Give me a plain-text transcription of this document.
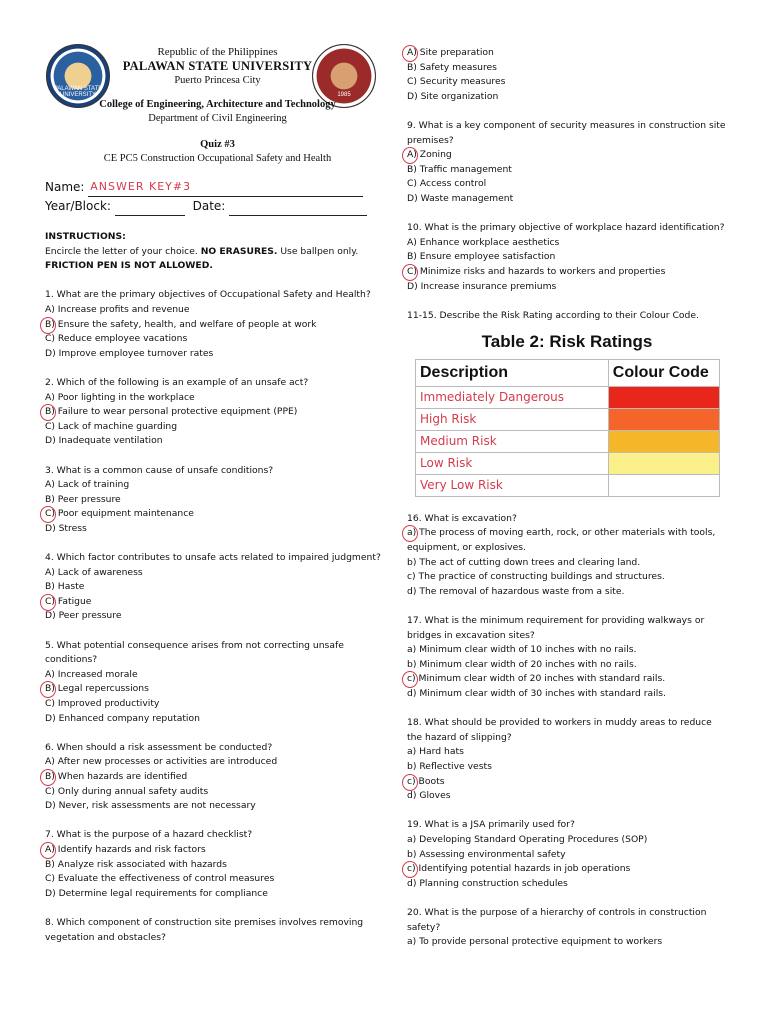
PALAWAN STATE UNIVERSITY	1985
Republic of the Philippines
PALAWAN STATE UNIVERSITY
Puerto Princesa City
College of Engineering, Architecture and Technology
Department of Civil Engineering
Quiz #3
CE PC5 Construction Occupational Safety and Health
Name: ANSWER KEY#3
Year/Block:	Date:
INSTRUCTIONS:
Encircle the letter of your choice. NO ERASURES. Use ballpen only.
FRICTION PEN IS NOT ALLOWED.
1. What are the primary objectives of Occupational Safety and Health?
A) Increase profits and revenue
B) Ensure the safety, health, and welfare of people at work
C) Reduce employee vacations
D) Improve employee turnover rates
2. Which of the following is an example of an unsafe act?
A) Poor lighting in the workplace
B) Failure to wear personal protective equipment (PPE)
C) Lack of machine guarding
D) Inadequate ventilation
3. What is a common cause of unsafe conditions?
A) Lack of training
B) Peer pressure
C) Poor equipment maintenance
D) Stress
4. Which factor contributes to unsafe acts related to impaired judgment?
A) Lack of awareness
B) Haste
C) Fatigue
D) Peer pressure
5. What potential consequence arises from not correcting unsafe conditions?
A) Increased morale
B) Legal repercussions
C) Improved productivity
D) Enhanced company reputation
6. When should a risk assessment be conducted?
A) After new processes or activities are introduced
B) When hazards are identified
C) Only during annual safety audits
D) Never, risk assessments are not necessary
7. What is the purpose of a hazard checklist?
A) Identify hazards and risk factors
B) Analyze risk associated with hazards
C) Evaluate the effectiveness of control measures
D) Determine legal requirements for compliance
8. Which component of construction site premises involves removing vegetation and obstacles?
A) Site preparation
B) Safety measures
C) Security measures
D) Site organization
9. What is a key component of security measures in construction site premises?
A) Zoning
B) Traffic management
C) Access control
D) Waste management
10. What is the primary objective of workplace hazard identification?
A) Enhance workplace aesthetics
B) Ensure employee satisfaction
C) Minimize risks and hazards to workers and properties
D) Increase insurance premiums
11-15. Describe the Risk Rating according to their Colour Code.
Table 2: Risk Ratings
Description	Colour Code
Immediately Dangerous	
High Risk	
Medium Risk	
Low Risk	
Very Low Risk	
16. What is excavation?
a) The process of moving earth, rock, or other materials with tools, equipment, or explosives.
b) The act of cutting down trees and clearing land.
c) The practice of constructing buildings and structures.
d) The removal of hazardous waste from a site.
17. What is the minimum requirement for providing walkways or bridges in excavation sites?
a) Minimum clear width of 10 inches with no rails.
b) Minimum clear width of 20 inches with no rails.
c) Minimum clear width of 20 inches with standard rails.
d) Minimum clear width of 30 inches with standard rails.
18. What should be provided to workers in muddy areas to reduce the hazard of slipping?
a) Hard hats
b) Reflective vests
c) Boots
d) Gloves
19. What is a JSA primarily used for?
a) Developing Standard Operating Procedures (SOP)
b) Assessing environmental safety
c) Identifying potential hazards in job operations
d) Planning construction schedules
20. What is the purpose of a hierarchy of controls in construction safety?
a) To provide personal protective equipment to workers
